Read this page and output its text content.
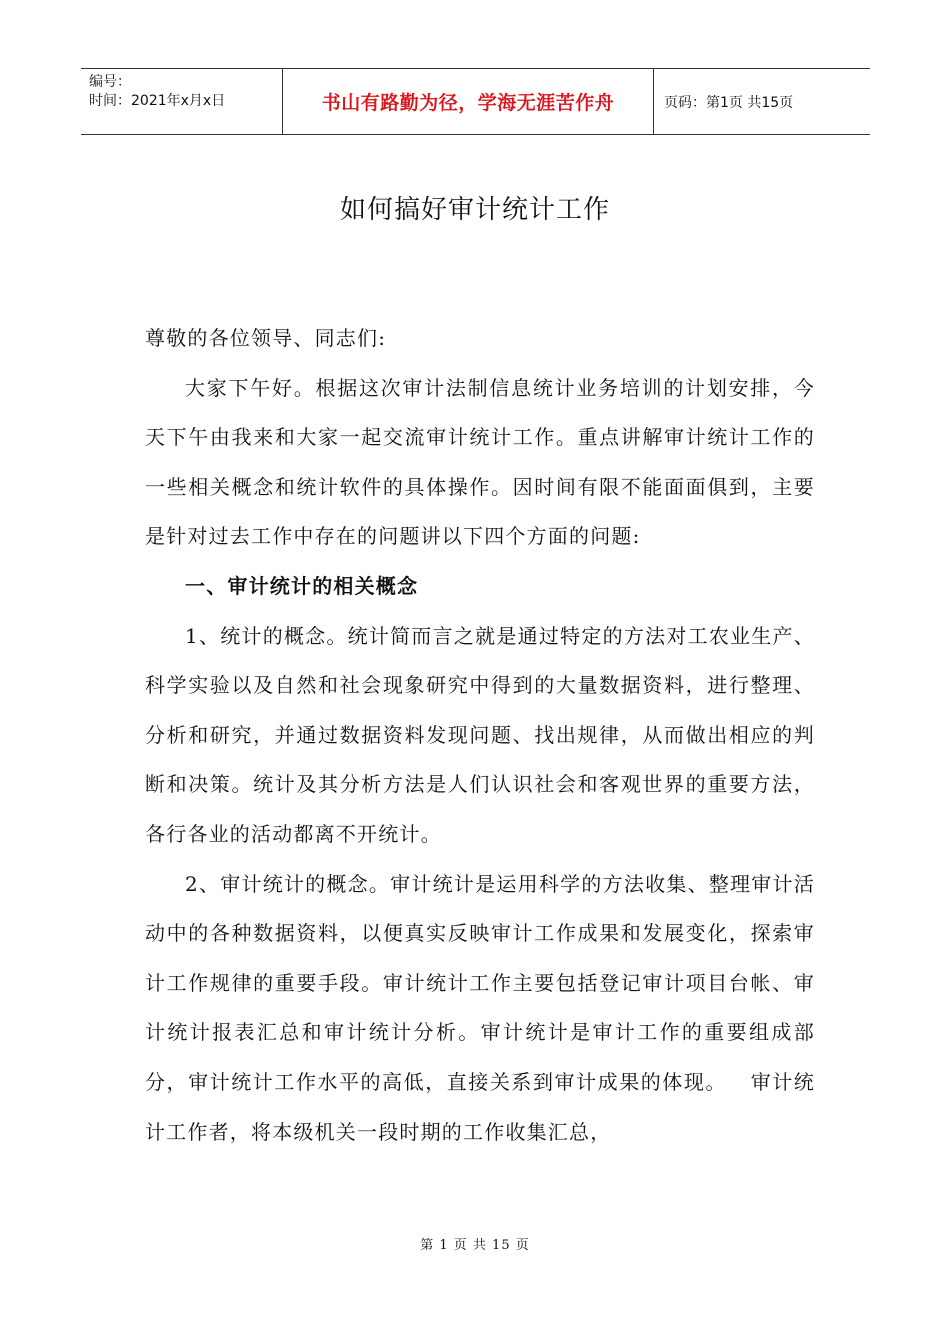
编号：
时间：2021年x月x日	书山有路勤为径，学海无涯苦作舟	页码：第1页 共15页
如何搞好审计统计工作

尊敬的各位领导、同志们:

大家下午好。根据这次审计法制信息统计业务培训的计划安排，今天下午由我来和大家一起交流审计统计工作。重点讲解审计统计工作的一些相关概念和统计软件的具体操作。因时间有限不能面面俱到，主要是针对过去工作中存在的问题讲以下四个方面的问题:

一、审计统计的相关概念

1、统计的概念。统计简而言之就是通过特定的方法对工农业生产、科学实验以及自然和社会现象研究中得到的大量数据资料，进行整理、分析和研究，并通过数据资料发现问题、找出规律，从而做出相应的判断和决策。统计及其分析方法是人们认识社会和客观世界的重要方法，各行各业的活动都离不开统计。

2、审计统计的概念。审计统计是运用科学的方法收集、整理审计活动中的各种数据资料，以便真实反映审计工作成果和发展变化，探索审计工作规律的重要手段。审计统计工作主要包括登记审计项目台帐、审计统计报表汇总和审计统计分析。审计统计是审计工作的重要组成部分，审计统计工作水平的高低，直接关系到审计成果的体现。   审计统计工作者，将本级机关一段时期的工作收集汇总，

第 1 页 共 15 页
